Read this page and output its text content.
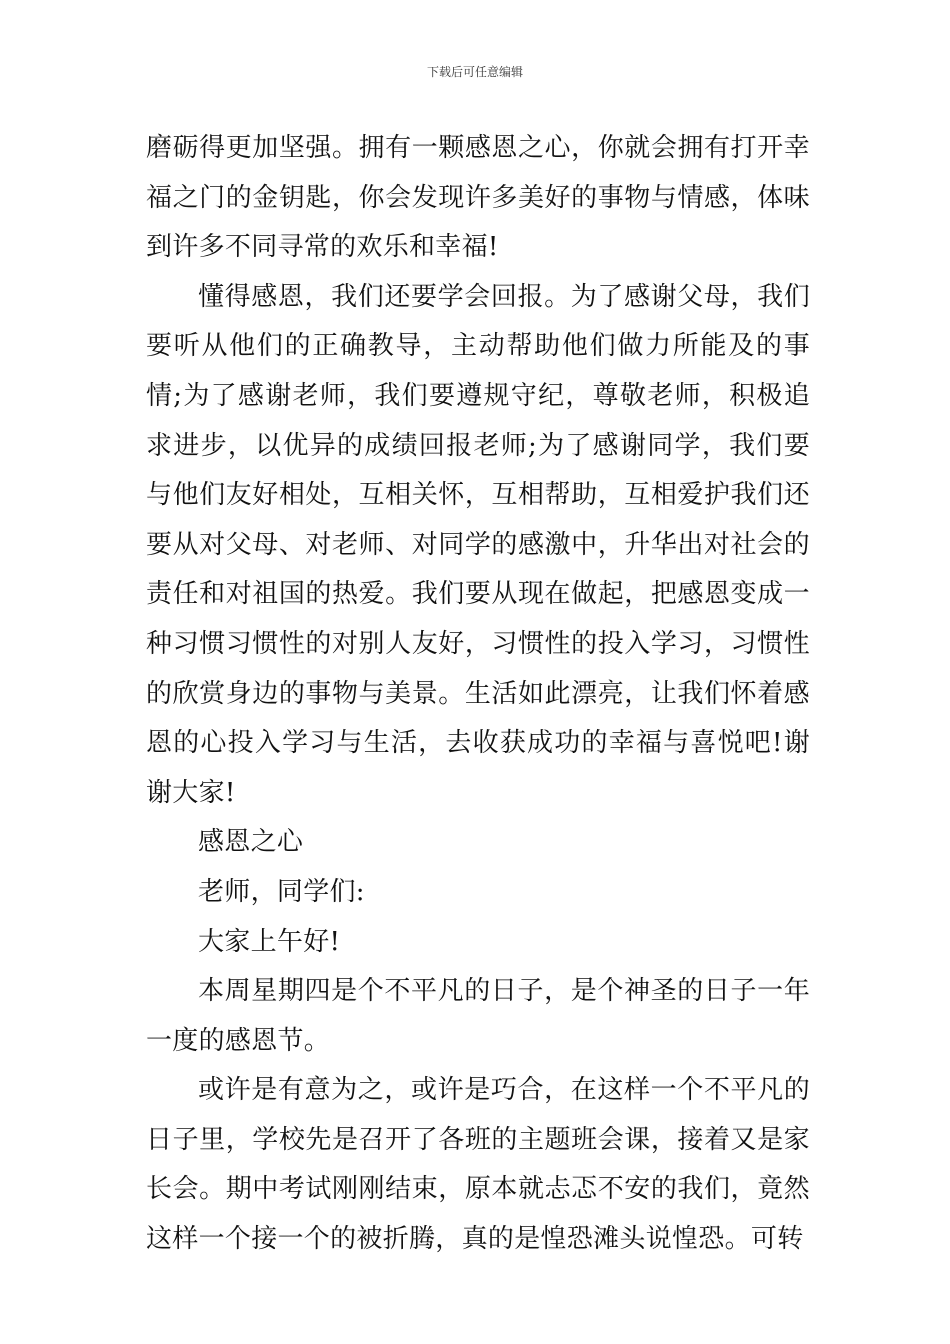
下载后可任意编辑

磨砺得更加坚强。拥有一颗感恩之心，你就会拥有打开幸福之门的金钥匙，你会发现许多美好的事物与情感，体味到许多不同寻常的欢乐和幸福!

懂得感恩，我们还要学会回报。为了感谢父母，我们要听从他们的正确教导，主动帮助他们做力所能及的事情;为了感谢老师，我们要遵规守纪，尊敬老师，积极追求进步，以优异的成绩回报老师;为了感谢同学，我们要与他们友好相处，互相关怀，互相帮助，互相爱护我们还要从对父母、对老师、对同学的感激中，升华出对社会的责任和对祖国的热爱。我们要从现在做起，把感恩变成一种习惯习惯性的对别人友好，习惯性的投入学习，习惯性的欣赏身边的事物与美景。生活如此漂亮，让我们怀着感恩的心投入学习与生活，去收获成功的幸福与喜悦吧!谢谢大家!

感恩之心

老师，同学们:

大家上午好!

本周星期四是个不平凡的日子，是个神圣的日子一年一度的感恩节。

或许是有意为之，或许是巧合，在这样一个不平凡的日子里，学校先是召开了各班的主题班会课，接着又是家长会。期中考试刚刚结束，原本就忐忑不安的我们，竟然这样一个接一个的被折腾，真的是惶恐滩头说惶恐。可转
